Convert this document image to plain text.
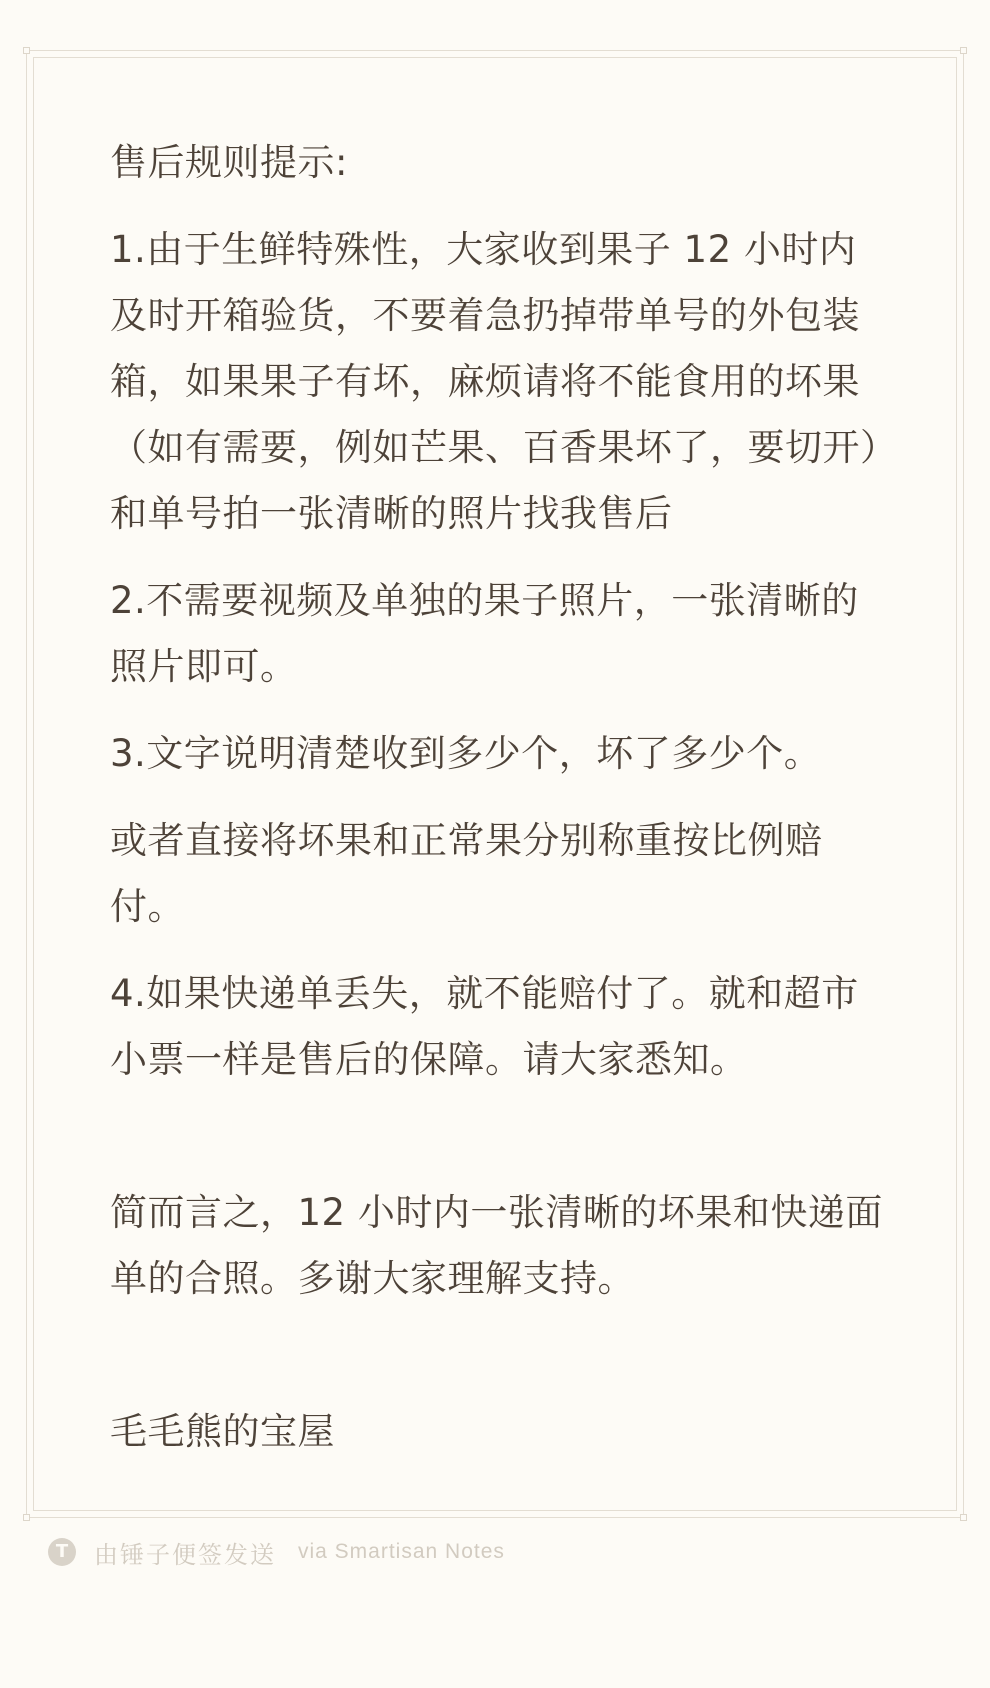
售后规则提示:

1.由于生鲜特殊性，大家收到果子 12 小时内及时开箱验货，不要着急扔掉带单号的外包装箱，如果果子有坏，麻烦请将不能食用的坏果（如有需要，例如芒果、百香果坏了，要切开）和单号拍一张清晰的照片找我售后

2.不需要视频及单独的果子照片，一张清晰的照片即可。

3.文字说明清楚收到多少个，坏了多少个。

或者直接将坏果和正常果分别称重按比例赔付。

4.如果快递单丢失，就不能赔付了。就和超市小票一样是售后的保障。请大家悉知。

简而言之，12 小时内一张清晰的坏果和快递面单的合照。多谢大家理解支持。

毛毛熊的宝屋

T 由锤子便签发送 via Smartisan Notes
